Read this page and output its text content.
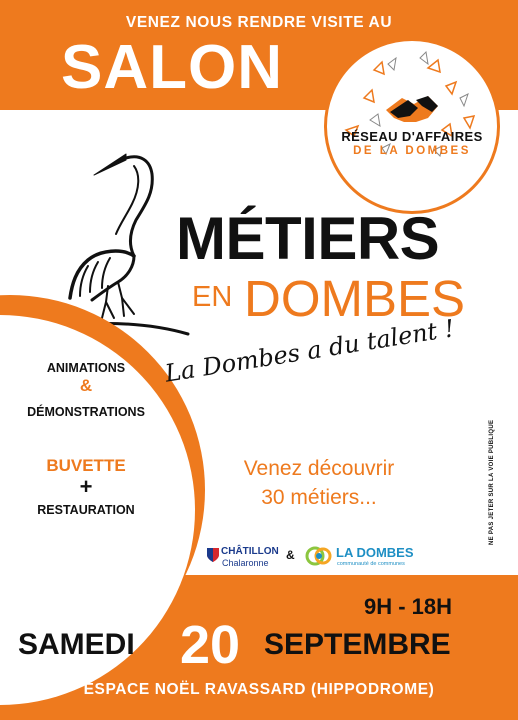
VENEZ NOUS RENDRE VISITE AU
SALON
RÉSEAU D'AFFAIRES
DE LA DOMBES
MÉTIERS
EN DOMBES
ANIMATIONS
&
DÉMONSTRATIONS
BUVETTE
+
RESTAURATION
La Dombes a du talent !
Venez découvrir
30 métiers...	NE PAS JETER SUR LA VOIE PUBLIQUE
CHÂTILLON
Chalaronne
&	LA DOMBES
communauté de communes
9H - 18H
SAMEDI 20 SEPTEMBRE
ESPACE NOËL RAVASSARD (HIPPODROME)
